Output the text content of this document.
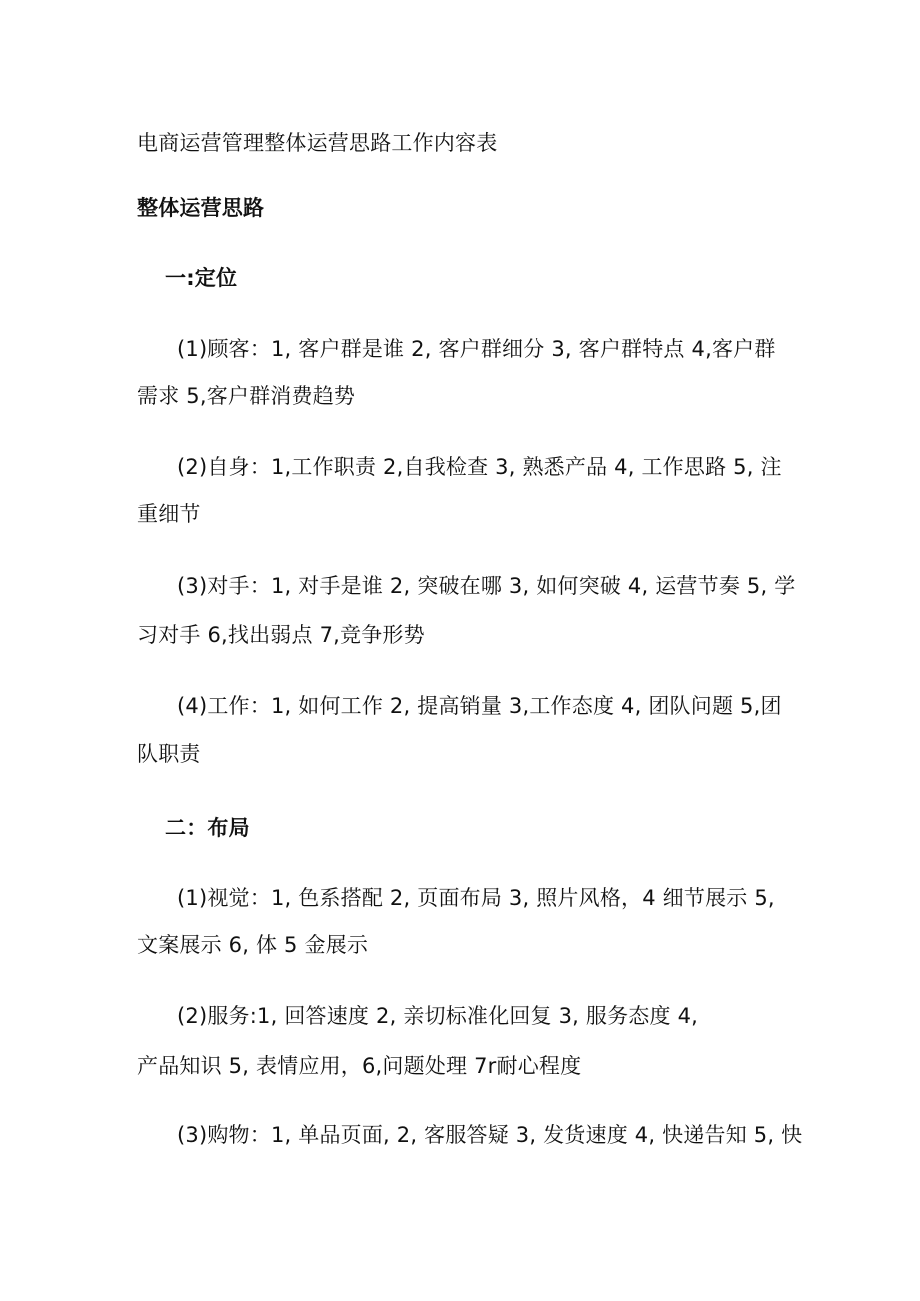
电商运营管理整体运营思路工作内容表
整体运营思路
一:定位
(1)顾客：1, 客户群是谁 2, 客户群细分 3, 客户群特点 4,客户群
需求 5,客户群消费趋势
(2)自身：1,工作职责 2,自我检查 3, 熟悉产品 4, 工作思路 5, 注
重细节
(3)对手：1, 对手是谁 2, 突破在哪 3, 如何突破 4, 运营节奏 5, 学
习对手 6,找出弱点 7,竞争形势
(4)工作：1, 如何工作 2, 提高销量 3,工作态度 4, 团队问题 5,团
队职责
二：布局
(1)视觉：1, 色系搭配 2, 页面布局 3, 照片风格，4 细节展示 5,
文案展示 6, 体 5 金展示
(2)服务:1, 回答速度 2, 亲切标准化回复 3, 服务态度 4,
产品知识 5, 表情应用，6,问题处理 7r耐心程度
(3)购物：1, 单品页面, 2, 客服答疑 3, 发货速度 4, 快递告知 5, 快
